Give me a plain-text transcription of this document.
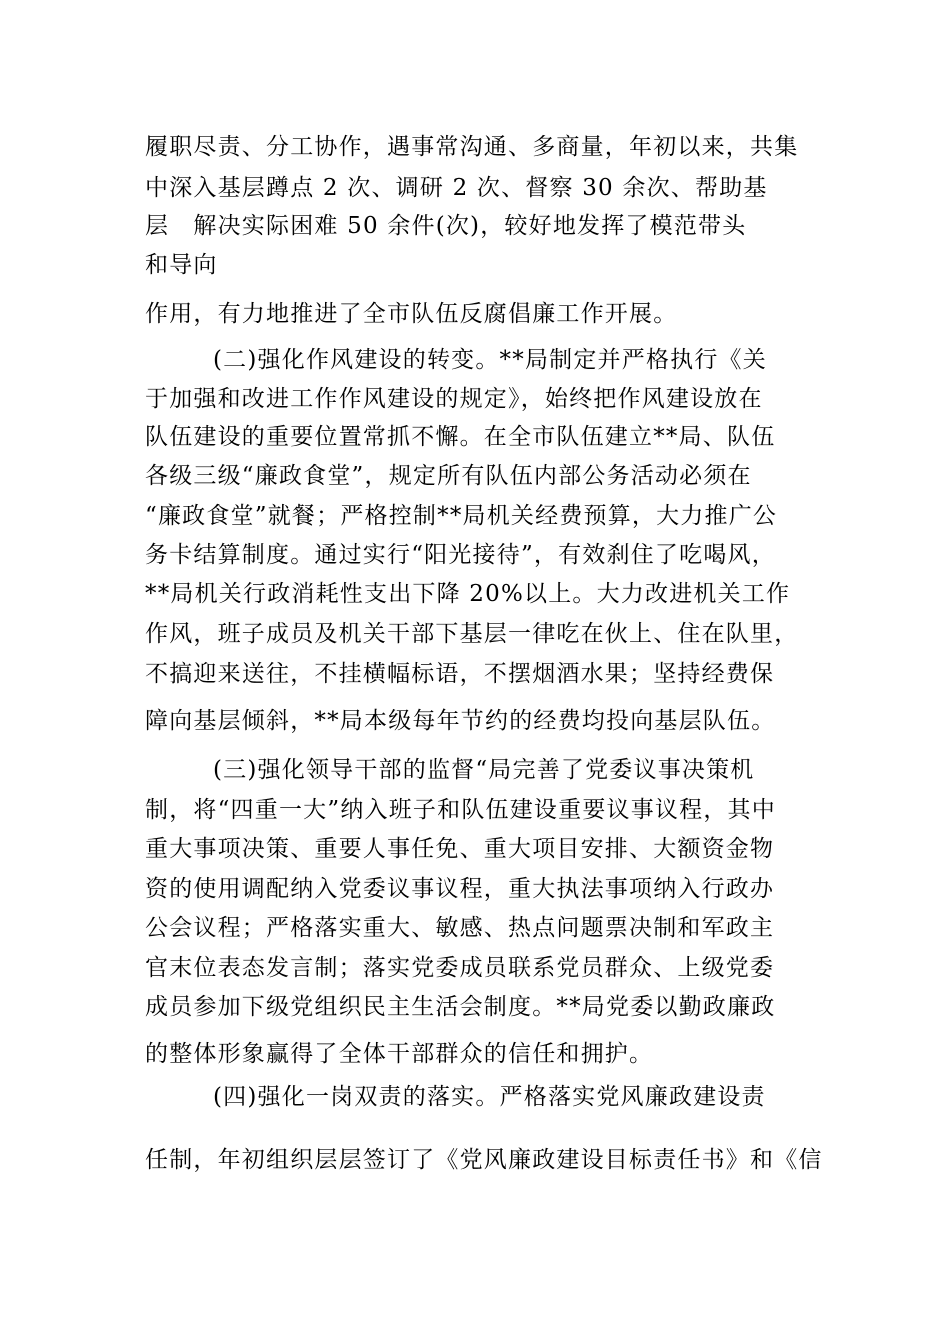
履职尽责、分工协作，遇事常沟通、多商量，年初以来，共集
中深入基层蹲点 2 次、调研 2 次、督察 30 余次、帮助基
层　解决实际困难 50 余件(次)，较好地发挥了模范带头
和导向
作用，有力地推进了全市队伍反腐倡廉工作开展。
(二)强化作风建设的转变。**局制定并严格执行《关
于加强和改进工作作风建设的规定》，始终把作风建设放在
队伍建设的重要位置常抓不懈。在全市队伍建立**局、队伍
各级三级“廉政食堂”，规定所有队伍内部公务活动必须在
“廉政食堂”就餐；严格控制**局机关经费预算，大力推广公
务卡结算制度。通过实行“阳光接待”，有效刹住了吃喝风，
**局机关行政消耗性支出下降 20%以上。大力改进机关工作
作风，班子成员及机关干部下基层一律吃在伙上、住在队里，
不搞迎来送往，不挂横幅标语，不摆烟酒水果；坚持经费保
障向基层倾斜，**局本级每年节约的经费均投向基层队伍。
(三)强化领导干部的监督“局完善了党委议事决策机
制，将“四重一大”纳入班子和队伍建设重要议事议程，其中
重大事项决策、重要人事任免、重大项目安排、大额资金物
资的使用调配纳入党委议事议程，重大执法事项纳入行政办
公会议程；严格落实重大、敏感、热点问题票决制和军政主
官末位表态发言制；落实党委成员联系党员群众、上级党委
成员参加下级党组织民主生活会制度。**局党委以勤政廉政
的整体形象赢得了全体干部群众的信任和拥护。
(四)强化一岗双责的落实。严格落实党风廉政建设责
任制，年初组织层层签订了《党风廉政建设目标责任书》和《信
